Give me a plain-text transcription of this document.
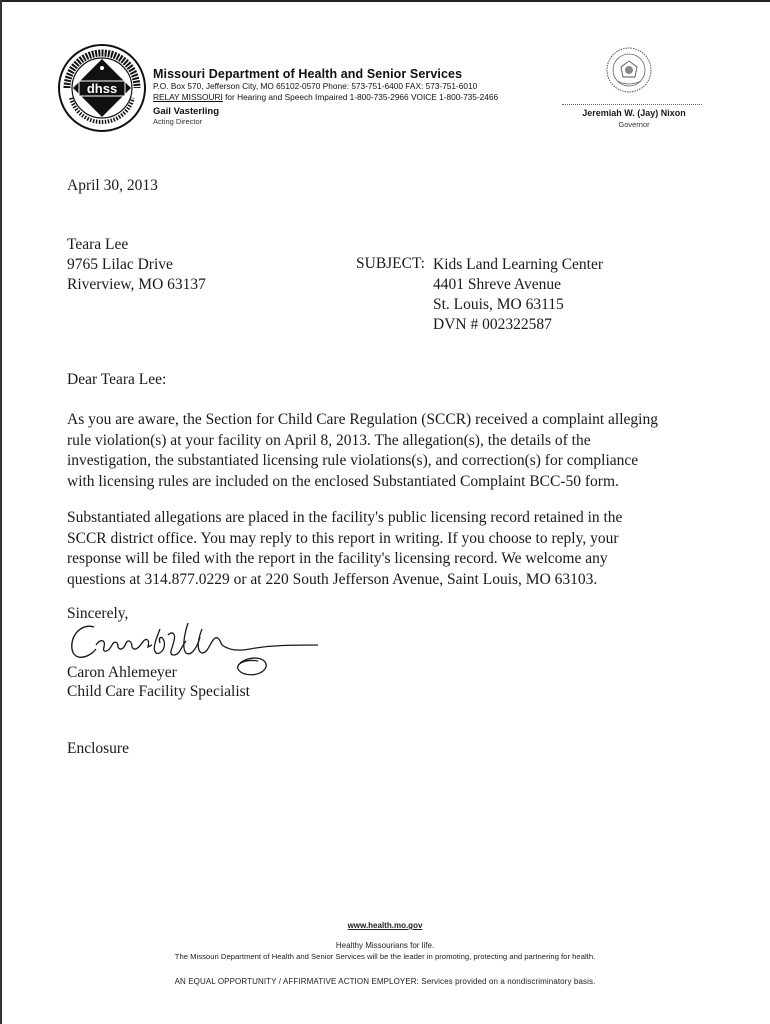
dhss
Missouri Department of Health and Senior Services
P.O. Box 570, Jefferson City, MO 65102-0570 Phone: 573-751-6400 FAX: 573-751-6010
RELAY MISSOURI for Hearing and Speech Impaired 1-800-735-2966 VOICE 1-800-735-2466
Gail Vasterling
Acting Director
Jeremiah W. (Jay) Nixon
Governor
April 30, 2013
Teara Lee
9765 Lilac Drive
Riverview, MO 63137
SUBJECT: Kids Land Learning Center
4401 Shreve Avenue
St. Louis, MO 63115
DVN # 002322587
Dear Teara Lee:
As you are aware, the Section for Child Care Regulation (SCCR) received a complaint alleging
rule violation(s) at your facility on April 8, 2013. The allegation(s), the details of the
investigation, the substantiated licensing rule violations(s), and correction(s) for compliance
with licensing rules are included on the enclosed Substantiated Complaint BCC-50 form.
Substantiated allegations are placed in the facility's public licensing record retained in the
SCCR district office. You may reply to this report in writing. If you choose to reply, your
response will be filed with the report in the facility's licensing record. We welcome any
questions at 314.877.0229 or at 220 South Jefferson Avenue, Saint Louis, MO 63103.
Sincerely,
Caron Ahlemeyer
Child Care Facility Specialist
Enclosure
www.health.mo.gov
Healthy Missourians for life.
The Missouri Department of Health and Senior Services will be the leader in promoting, protecting and partnering for health.
AN EQUAL OPPORTUNITY / AFFIRMATIVE ACTION EMPLOYER: Services provided on a nondiscriminatory basis.
